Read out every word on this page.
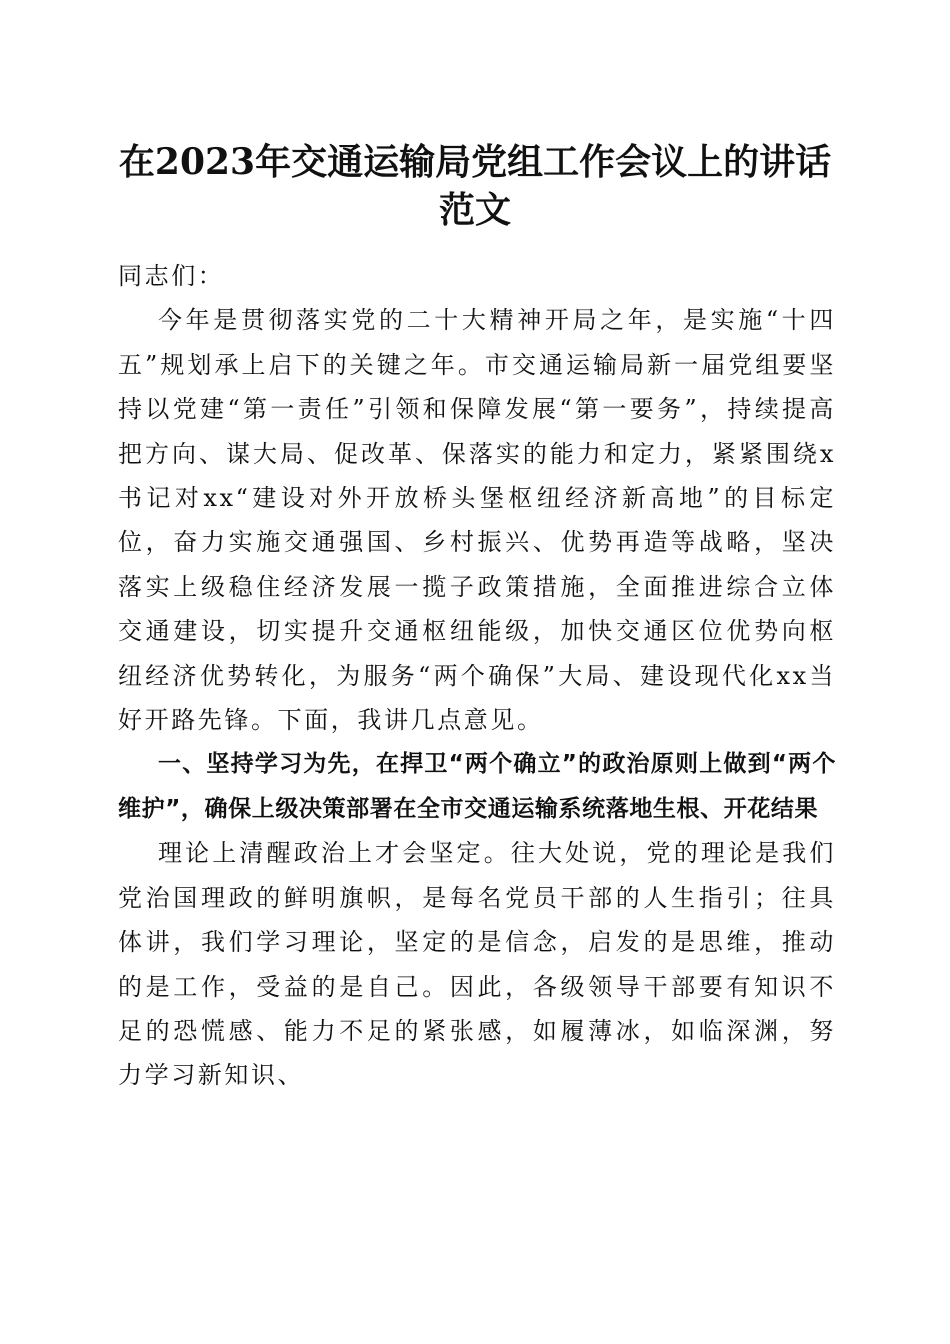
在2023年交通运输局党组工作会议上的讲话
范文

同志们：

今年是贯彻落实党的二十大精神开局之年，是实施“十四五”规划承上启下的关键之年。市交通运输局新一届党组要坚持以党建“第一责任”引领和保障发展“第一要务”，持续提高把方向、谋大局、促改革、保落实的能力和定力，紧紧围绕x书记对xx“建设对外开放桥头堡枢纽经济新高地”的目标定位，奋力实施交通强国、乡村振兴、优势再造等战略，坚决落实上级稳住经济发展一揽子政策措施，全面推进综合立体交通建设，切实提升交通枢纽能级，加快交通区位优势向枢纽经济优势转化，为服务“两个确保”大局、建设现代化xx当好开路先锋。下面，我讲几点意见。

一、坚持学习为先，在捍卫“两个确立”的政治原则上做到“两个维护”，确保上级决策部署在全市交通运输系统落地生根、开花结果

理论上清醒政治上才会坚定。往大处说，党的理论是我们党治国理政的鲜明旗帜，是每名党员干部的人生指引；往具体讲，我们学习理论，坚定的是信念，启发的是思维，推动的是工作，受益的是自己。因此，各级领导干部要有知识不足的恐慌感、能力不足的紧张感，如履薄冰，如临深渊，努力学习新知识、
